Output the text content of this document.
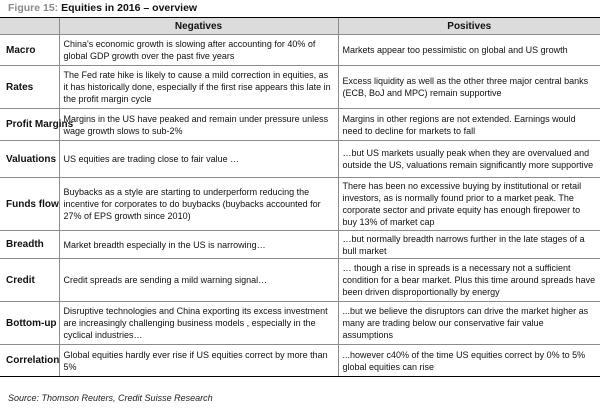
Figure 15: Equities in 2016 – overview
	Negatives	Positives
Macro	China's economic growth is slowing after accounting for 40% of global GDP growth over the past five years	Markets appear too pessimistic on global and US growth
Rates	The Fed rate hike is likely to cause a mild correction in equities, as it has historically done, especially if the first rise appears this late in the profit margin cycle	Excess liquidity as well as the other three major central banks (ECB, BoJ and MPC) remain supportive
Profit Margins	Margins in the US have peaked and remain under pressure unless wage growth slows to sub-2%	Margins in other regions are not extended. Earnings would need to decline for markets to fall
Valuations	US equities are trading close to fair value …	…but US markets usually peak when they are overvalued and outside the US, valuations remain significantly more supportive
Funds flow	Buybacks as a style are starting to underperform reducing the incentive for corporates to do buybacks (buybacks accounted for 27% of EPS growth since 2010)	There has been no excessive buying by institutional or retail investors, as is normally found prior to a market peak. The corporate sector and private equity has enough firepower to buy 13% of market cap
Breadth	Market breadth especially in the US is narrowing…	…but normally breadth narrows further in the late stages of a bull market
Credit	Credit spreads are sending a mild warning signal…	… though a rise in spreads is a necessary not a sufficient condition for a bear market. Plus this time around spreads have been driven disproportionally by energy
Bottom-up	Disruptive technologies and China exporting its excess investment are increasingly challenging business models , especially in the cyclical industries…	...but we believe the disruptors can drive the market higher as many are trading below our conservative fair value assumptions
Correlation	Global equities hardly ever rise if US equities correct by more than 5%	...however c40% of the time US equities correct by 0% to 5% global equities can rise
Source: Thomson Reuters, Credit Suisse Research
